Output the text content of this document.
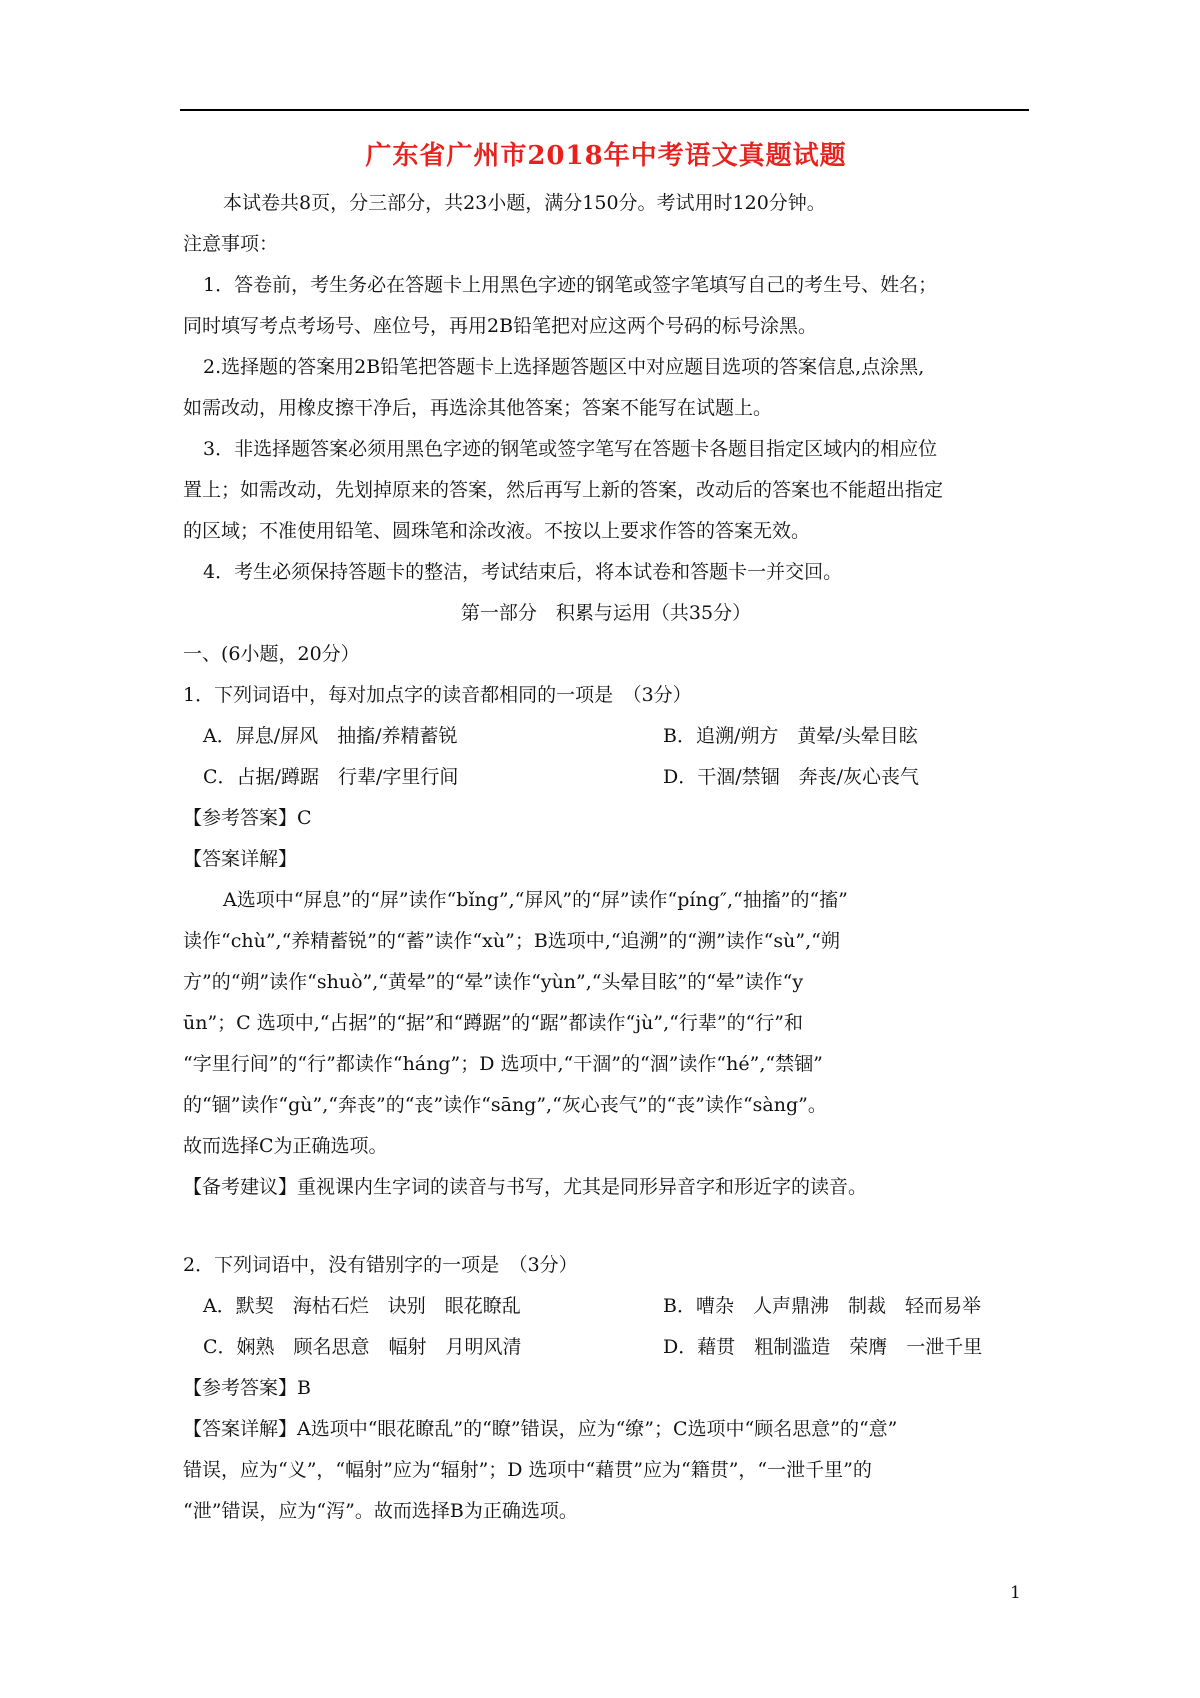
广东省广州市2018年中考语文真题试题
本试卷共8页，分三部分，共23小题，满分150分。考试用时120分钟。
注意事项：
1．答卷前，考生务必在答题卡上用黑色字迹的钢笔或签字笔填写自己的考生号、姓名；
同时填写考点考场号、座位号，再用2B铅笔把对应这两个号码的标号涂黑。
2.选择题的答案用2B铅笔把答题卡上选择题答题区中对应题目选项的答案信息,点涂黑,
如需改动，用橡皮擦干净后，再选涂其他答案；答案不能写在试题上。
3．非选择题答案必须用黑色字迹的钢笔或签字笔写在答题卡各题目指定区域内的相应位
置上；如需改动，先划掉原来的答案，然后再写上新的答案，改动后的答案也不能超出指定
的区域；不准使用铅笔、圆珠笔和涂改液。不按以上要求作答的答案无效。
4．考生必须保持答题卡的整洁，考试结束后，将本试卷和答题卡一并交回。
第一部分　积累与运用（共35分）
一、(6小题，20分）
1．下列词语中，每对加点字的读音都相同的一项是　（3分）
A．屏息/屏风　抽搐/养精蓄锐	B．追溯/朔方　黄晕/头晕目眩
C．占据/蹲踞　行辈/字里行间	D．干涸/禁锢　奔丧/灰心丧气
【参考答案】C
【答案详解】
A选项中“屏息”的“屏”读作“bǐng”,“屏风”的“屏”读作“píng″,“抽搐”的“搐”
读作“chù”,“养精蓄锐”的“蓄”读作“xù”；B选项中,“追溯”的“溯”读作“sù”,“朔
方”的“朔”读作“shuò”,“黄晕”的“晕”读作“yùn”,“头晕目眩”的“晕”读作“y
ūn”；C 选项中,“占据”的“据”和“蹲踞”的“踞”都读作“jù”,“行辈”的“行”和
“字里行间”的“行”都读作“háng”；D 选项中,“干涸”的“涸”读作“hé”,“禁锢”
的“锢”读作“gù”,“奔丧”的“丧”读作“sāng”,“灰心丧气”的“丧”读作“sàng”。
故而选择C为正确选项。
【备考建议】重视课内生字词的读音与书写，尤其是同形异音字和形近字的读音。
2．下列词语中，没有错别字的一项是　（3分）
A．默契　海枯石烂　诀别　眼花瞭乱	B．嘈杂　人声鼎沸　制裁　轻而易举
C．娴熟　顾名思意　幅射　月明风清	D．藉贯　粗制滥造　荣膺　一泄千里
【参考答案】B
【答案详解】A选项中“眼花瞭乱”的“瞭”错误，应为“缭”；C选项中“顾名思意”的“意”
错误，应为“义”，“幅射”应为“辐射”；D 选项中“藉贯”应为“籍贯”，“一泄千里”的
“泄”错误，应为“泻”。故而选择B为正确选项。
1
